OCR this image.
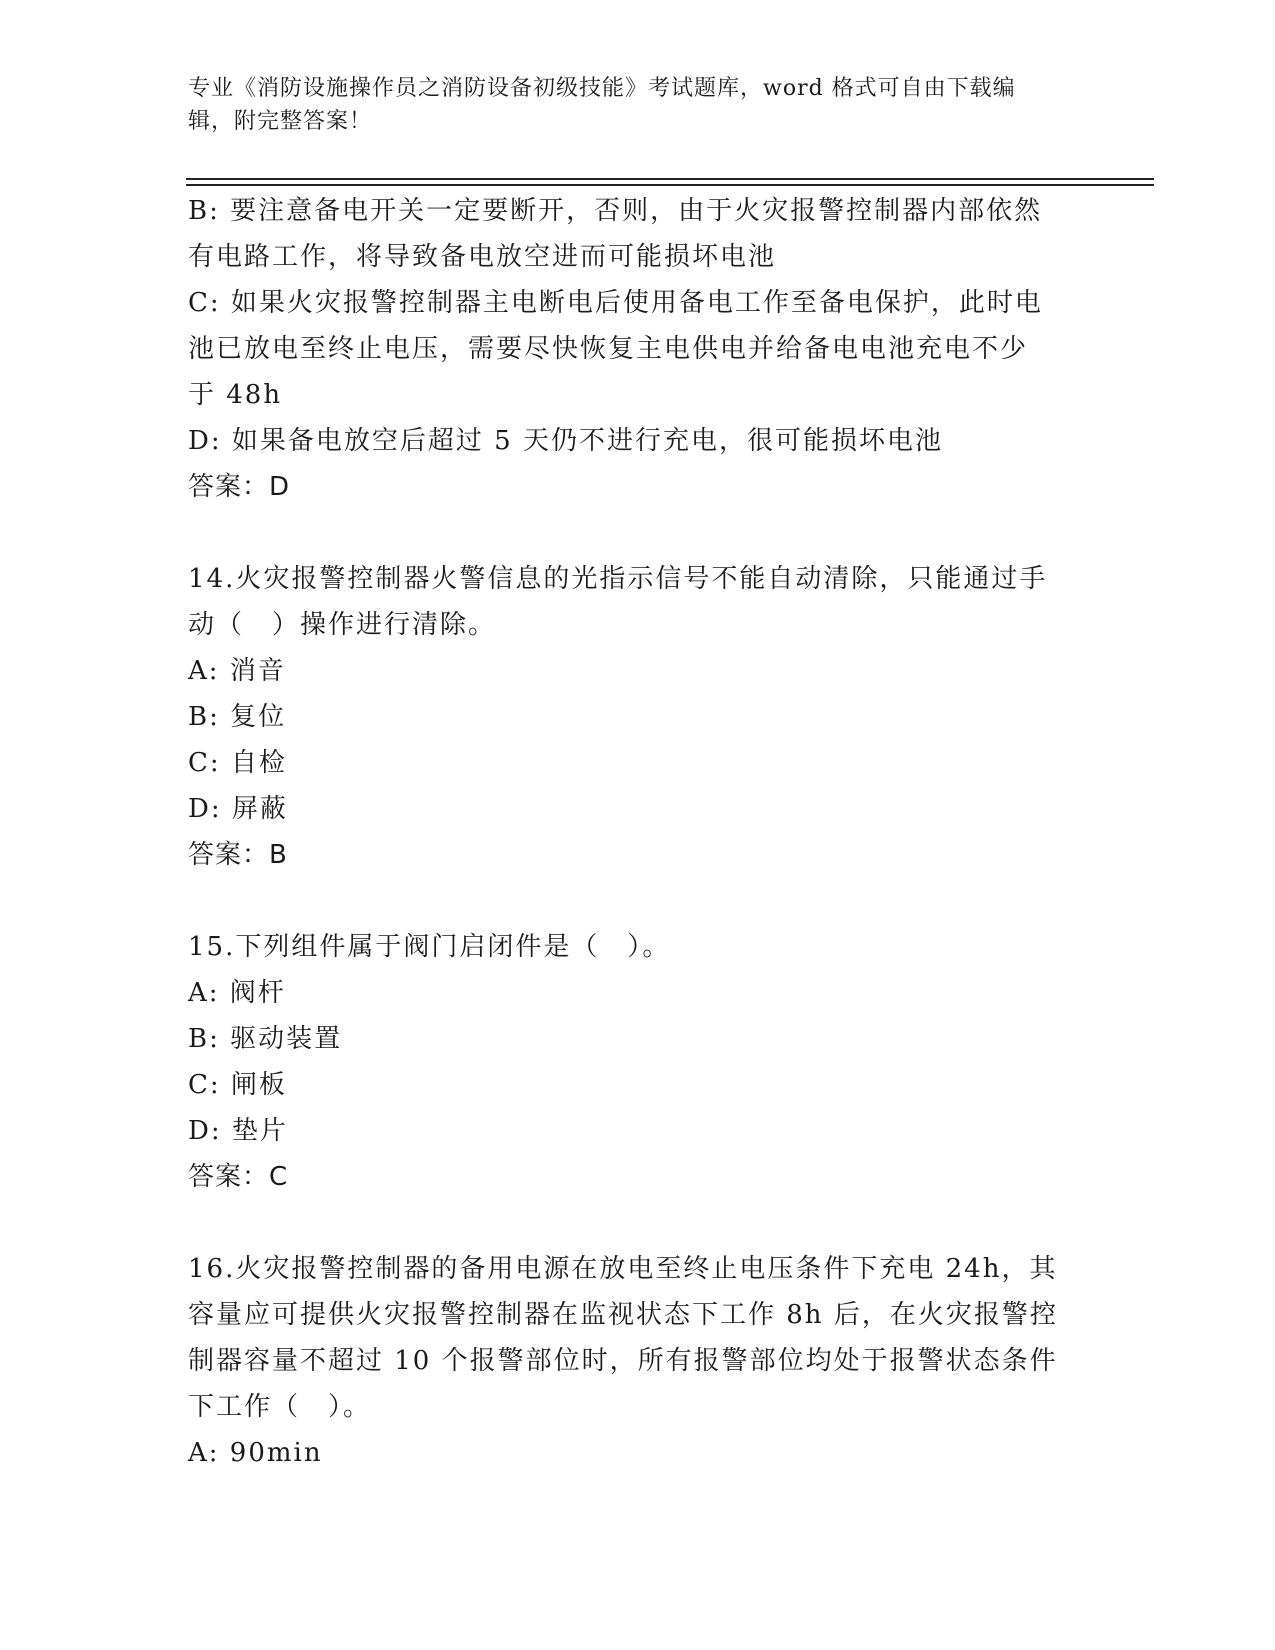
专业《消防设施操作员之消防设备初级技能》考试题库，word 格式可自由下载编
辑，附完整答案！
B: 要注意备电开关一定要断开，否则，由于火灾报警控制器内部依然
有电路工作，将导致备电放空进而可能损坏电池
C: 如果火灾报警控制器主电断电后使用备电工作至备电保护，此时电
池已放电至终止电压，需要尽快恢复主电供电并给备电电池充电不少
于 48h
D: 如果备电放空后超过 5 天仍不进行充电，很可能损坏电池
答案：D
14.火灾报警控制器火警信息的光指示信号不能自动清除，只能通过手
动（　）操作进行清除。
A: 消音
B: 复位
C: 自检
D: 屏蔽
答案：B
15.下列组件属于阀门启闭件是（　）。
A: 阀杆
B: 驱动装置
C: 闸板
D: 垫片
答案：C
16.火灾报警控制器的备用电源在放电至终止电压条件下充电 24h，其
容量应可提供火灾报警控制器在监视状态下工作 8h 后，在火灾报警控
制器容量不超过 10 个报警部位时，所有报警部位均处于报警状态条件
下工作（　）。
A: 90min
